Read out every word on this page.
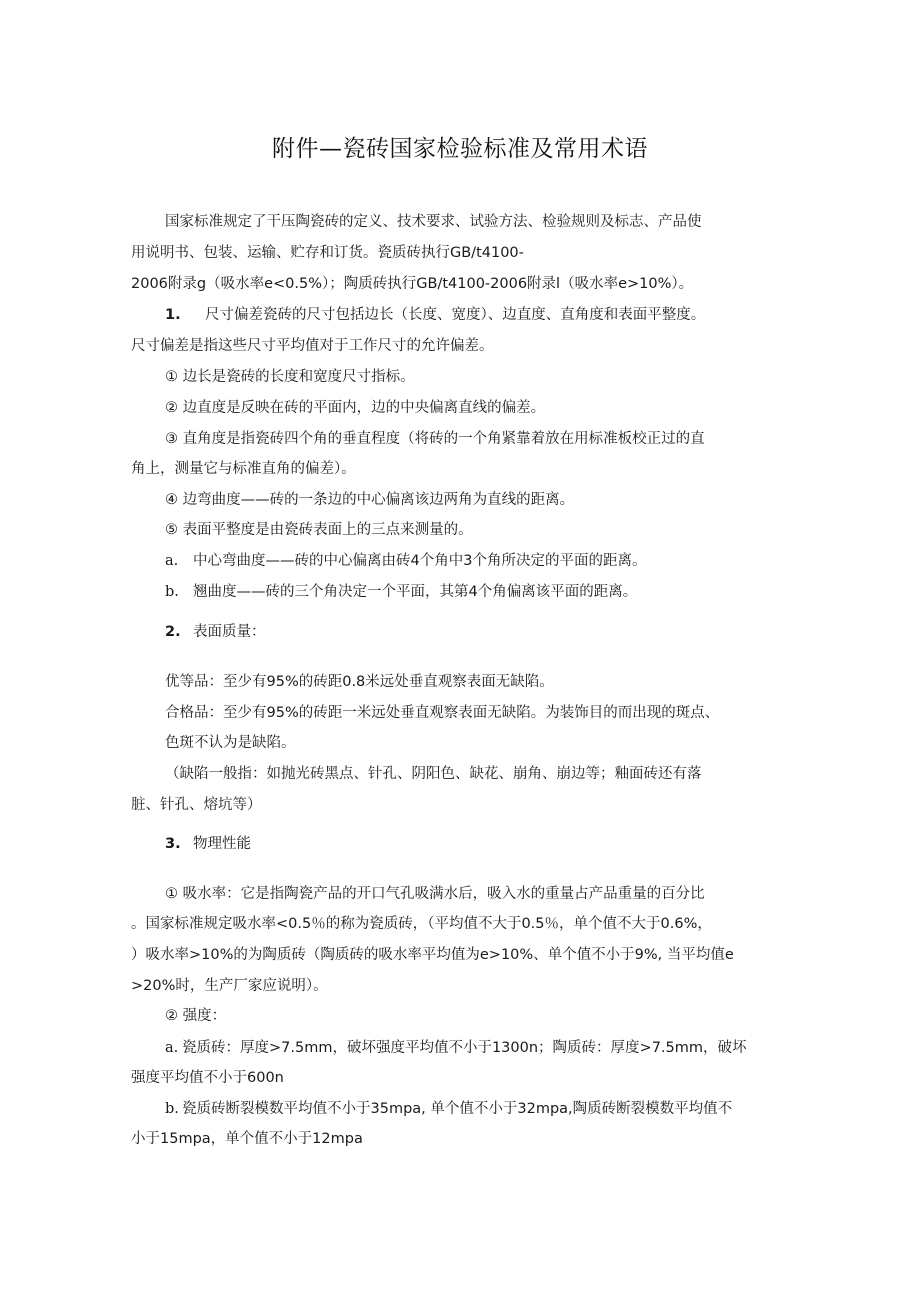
附件—瓷砖国家检验标准及常用术语
国家标准规定了干压陶瓷砖的定义、技术要求、试验方法、检验规则及标志、产品使
用说明书、包装、运输、贮存和订货。瓷质砖执行GB/t4100-
2006附录g（吸水率e<0.5%）；陶质砖执行GB/t4100-2006附录l（吸水率e>10%）。
1. 尺寸偏差瓷砖的尺寸包括边长（长度、宽度）、边直度、直角度和表面平整度。
尺寸偏差是指这些尺寸平均值对于工作尺寸的允许偏差。
① 边长是瓷砖的长度和宽度尺寸指标。
② 边直度是反映在砖的平面内，边的中央偏离直线的偏差。
③ 直角度是指瓷砖四个角的垂直程度（将砖的一个角紧靠着放在用标准板校正过的直
角上，测量它与标准直角的偏差）。
④ 边弯曲度——砖的一条边的中心偏离该边两角为直线的距离。
⑤ 表面平整度是由瓷砖表面上的三点来测量的。
a. 中心弯曲度——砖的中心偏离由砖4个角中3个角所决定的平面的距离。
b. 翘曲度——砖的三个角决定一个平面，其第4个角偏离该平面的距离。
2. 表面质量：
优等品：至少有95%的砖距0.8米远处垂直观察表面无缺陷。
合格品：至少有95%的砖距一米远处垂直观察表面无缺陷。为装饰目的而出现的斑点、
色斑不认为是缺陷。
（缺陷一般指：如抛光砖黑点、针孔、阴阳色、缺花、崩角、崩边等；釉面砖还有落
脏、针孔、熔坑等）
3. 物理性能
① 吸水率：它是指陶瓷产品的开口气孔吸满水后，吸入水的重量占产品重量的百分比
。国家标准规定吸水率<0.5％的称为瓷质砖，（平均值不大于0.5％，单个值不大于0.6%，
）吸水率>10%的为陶质砖（陶质砖的吸水率平均值为e>10%、单个值不小于9%, 当平均值e
>20%时，生产厂家应说明）。
② 强度：
a. 瓷质砖：厚度>7.5mm，破坏强度平均值不小于1300n；陶质砖：厚度>7.5mm，破坏
强度平均值不小于600n
b. 瓷质砖断裂模数平均值不小于35mpa, 单个值不小于32mpa,陶质砖断裂模数平均值不
小于15mpa，单个值不小于12mpa
